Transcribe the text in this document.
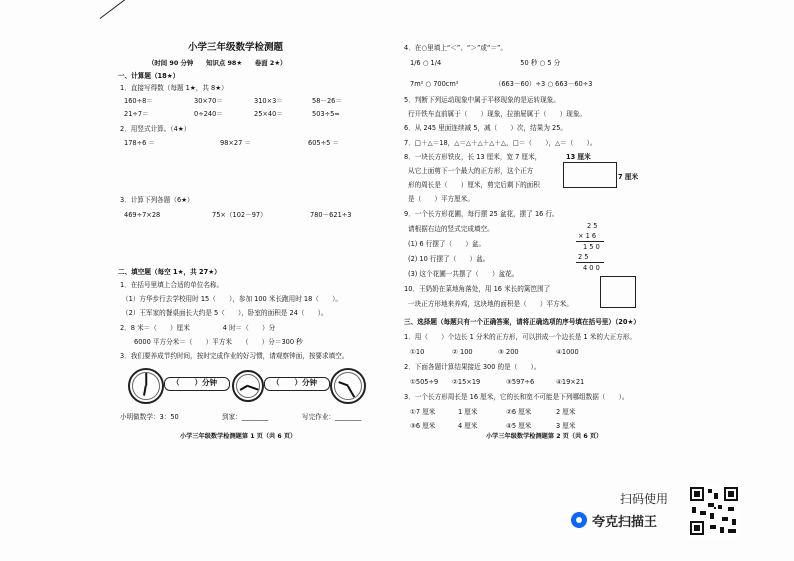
小学三年级数学检测题
（时间 90 分钟　　知识点 98★　　卷面 2★）
一、计算题（18★）
1．直接写得数（每题 1★，共 8★）
160÷8＝	30×70＝	310×3＝	58－26＝
21÷7＝	0÷240＝	25×40＝	503÷5≈
2．用竖式计算。（4★）
178÷6 ＝	98×27 ＝	605÷5 ＝
3．计算下列各题（6★）
469÷7×28	75×（102－97）	780－621÷3
二、填空题（每空 1★，共 27★）
1．在括号里填上合适的单位名称。
（1）方华步行去学校用时 15（　　），参加 100 米长跑用时 18（　　）。
（2）王军家的餐桌面长大约是 5（　　），卧室的面积是 24（　　）。
2．8 米＝（　　）厘米　　　　　4 时＝（　　）分
6000 平方分米＝（　　）平方米　　（　　）分＝300 秒
3．我们要养成节约时间，按时完成作业的好习惯，请观察钟面，按要求填空。
（　　）分钟	（　　）分钟
小明做数学：3：50	到家：________	写完作业：________
小学三年级数学检测题第 1 页（共 6 页）
4．在○里填上“＜”、“＞”或“＝”。
1/6 ○ 1/4　　　　　　　　　　　　50 秒 ○ 5 分
7m² ○ 700cm²　　　　　　（663－60）÷3 ○ 663－60÷3
5．判断下列运动现象中属于平移现象的是运转现象。
行开铁车直前属于（　　）现象，拉抽屉属于（　　）现象。
6．从 245 里面连续减 5，减（　　）次，结果为 25。
7．□＋△＝18，△＝△＋△＋△＋△，□＝（　　），△＝（　　）。
8．一块长方形铁皮，长 13 厘米，宽 7 厘米，
从它上面剪下一个最大的正方形，这个正方
形的周长是（　　）厘米，剪完后剩下的面积
是（　　）平方厘米。
13 厘米
7 厘米
9．一个长方形花圃，每行摆 25 盆花，摆了 16 行。
请根据右边的竖式完成填空。
(1) 6 行摆了（　　）盆。
(2) 10 行摆了（　　）盆。
(3) 这个花圃一共摆了（　　）盆花。
2 5
× 1 6
1 5 0
2 5
4 0 0
10．王奶奶在菜地角落处，用 16 米长的篱笆围了
一块正方形地来养鸡，这块地的面积是（　　）平方米。
三、选择题（每题只有一个正确答案，请将正确选项的序号填在括号里）（20★）
1．用（　　）个边长 1 分米的正方形，可以拼成一个边长是 1 米的大正方形。
①10	② 100	③ 200	④1000
2．下面各题计算结果接近 300 的是（　　）。
①505÷9 ②15×19	③597÷6	④19×21
3．一个长方形周长是 16 厘米，它的长和宽不可能是下列哪组数据（　　）。
①7 厘米	1 厘米	②6 厘米	2 厘米
③6 厘米	4 厘米	④5 厘米	3 厘米
小学三年级数学检测题第 2 页（共 6 页）
扫码使用
夸克扫描王
